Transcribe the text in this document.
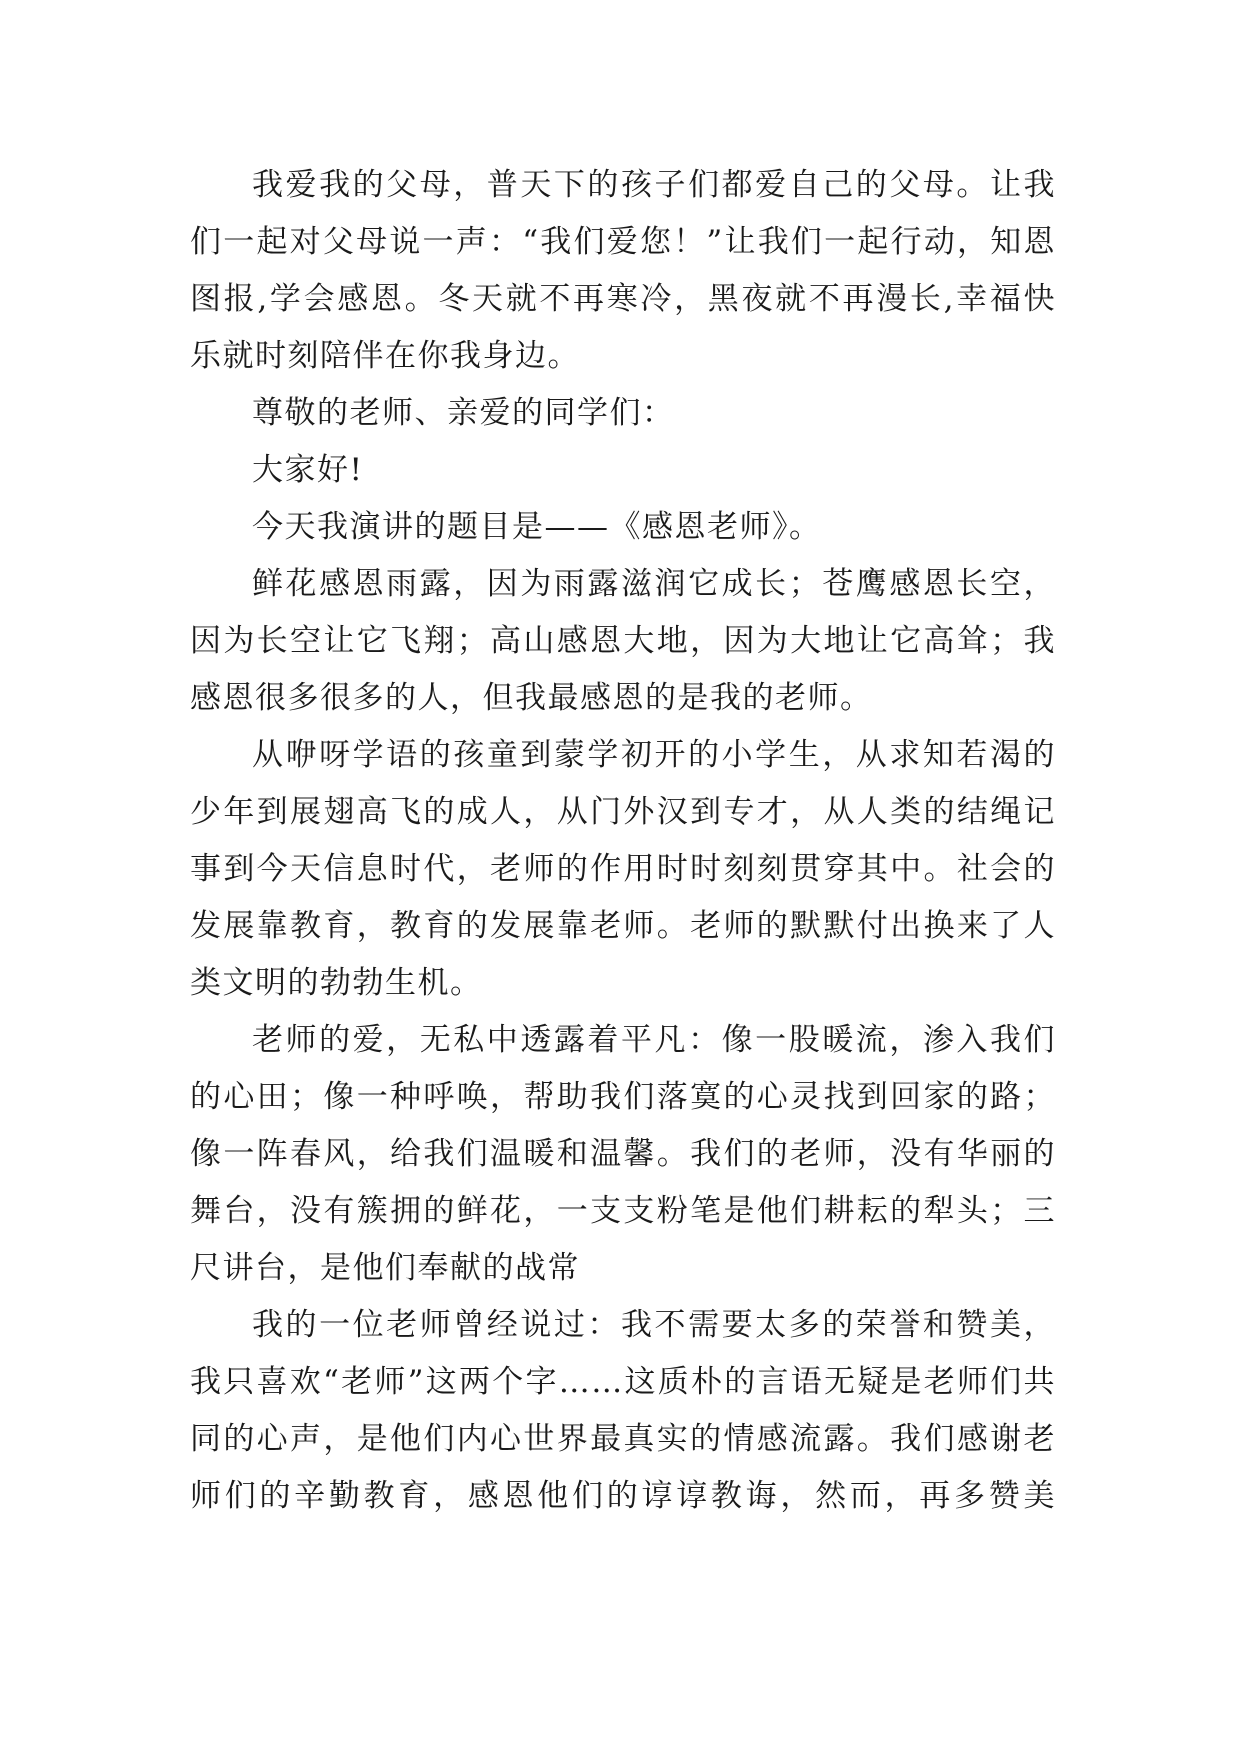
我爱我的父母，普天下的孩子们都爱自己的父母。让我们一起对父母说一声：“我们爱您！”让我们一起行动，知恩图报,学会感恩。冬天就不再寒冷，黑夜就不再漫长,幸福快乐就时刻陪伴在你我身边。

尊敬的老师、亲爱的同学们：

大家好!

今天我演讲的题目是——《感恩老师》。

鲜花感恩雨露，因为雨露滋润它成长；苍鹰感恩长空，因为长空让它飞翔；高山感恩大地，因为大地让它高耸；我感恩很多很多的人，但我最感恩的是我的老师。

从咿呀学语的孩童到蒙学初开的小学生，从求知若渴的少年到展翅高飞的成人，从门外汉到专才，从人类的结绳记事到今天信息时代，老师的作用时时刻刻贯穿其中。社会的发展靠教育，教育的发展靠老师。老师的默默付出换来了人类文明的勃勃生机。

老师的爱，无私中透露着平凡：像一股暖流，渗入我们的心田；像一种呼唤，帮助我们落寞的心灵找到回家的路；像一阵春风，给我们温暖和温馨。我们的老师，没有华丽的舞台，没有簇拥的鲜花，一支支粉笔是他们耕耘的犁头；三尺讲台，是他们奉献的战常

我的一位老师曾经说过：我不需要太多的荣誉和赞美，我只喜欢“老师”这两个字……这质朴的言语无疑是老师们共同的心声，是他们内心世界最真实的情感流露。我们感谢老师们的辛勤教育，感恩他们的谆谆教诲，然而，再多赞美
